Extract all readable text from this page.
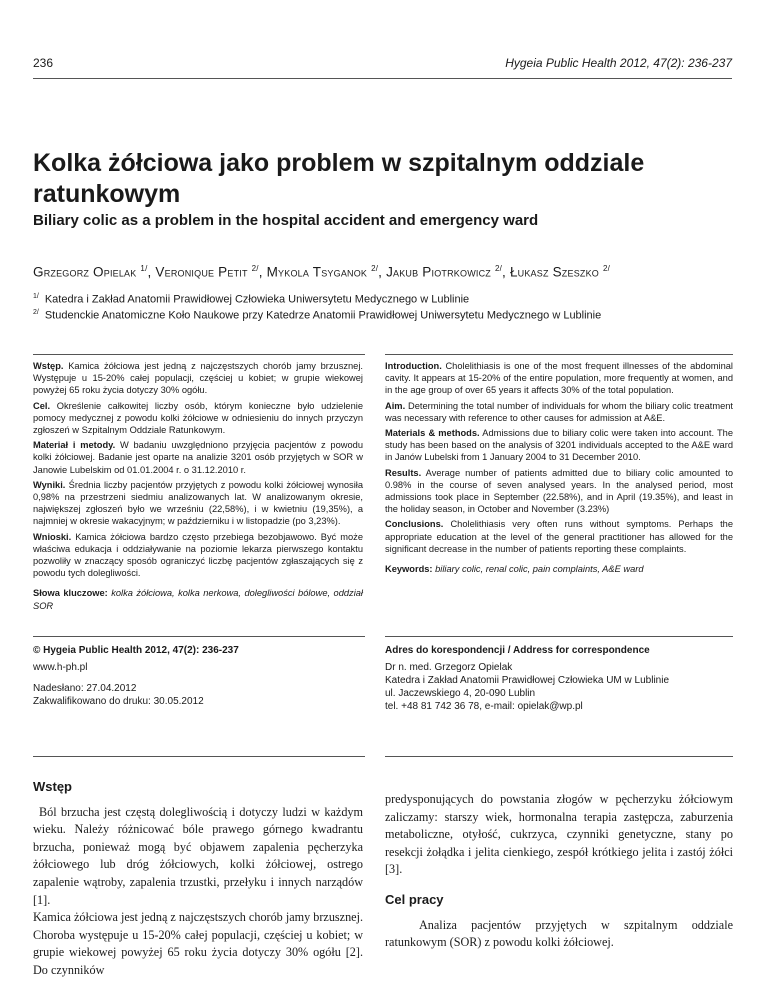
236	Hygeia Public Health 2012, 47(2): 236-237
Kolka żółciowa jako problem w szpitalnym oddziale ratunkowym
Biliary colic as a problem in the hospital accident and emergency ward
Grzegorz Opielak $^{1/}$, Veronique Petit $^{2/}$, Mykola Tsyganok $^{2/}$, Jakub Piotrkowicz $^{2/}$, Łukasz Szeszko $^{2/}$
$^{1/}$ Katedra i Zakład Anatomii Prawidłowej Człowieka Uniwersytetu Medycznego w Lublinie
$^{2/}$ Studenckie Anatomiczne Koło Naukowe przy Katedrze Anatomii Prawidłowej Uniwersytetu Medycznego w Lublinie

Wstęp. Kamica żółciowa jest jedną z najczęstszych chorób jamy brzusznej. Występuje u 15-20% całej populacji, częściej u kobiet; w grupie wiekowej powyżej 65 roku życia dotyczy 30% ogółu.

Cel. Określenie całkowitej liczby osób, którym konieczne było udzielenie pomocy medycznej z powodu kolki żółciowe w odniesieniu do innych przyczyn zgłoszeń w Szpitalnym Oddziale Ratunkowym.

Materiał i metody. W badaniu uwzględniono przyjęcia pacjentów z powodu kolki żółciowej. Badanie jest oparte na analizie 3201 osób przyjętych w SOR w Janowie Lubelskim od 01.01.2004 r. o 31.12.2010 r.

Wyniki. Średnia liczby pacjentów przyjętych z powodu kolki żółciowej wynosiła 0,98% na przestrzeni siedmiu analizowanych lat. W analizowanym okresie, największej zgłoszeń było we wrześniu (22,58%), i w kwietniu (19,35%), a najmniej w okresie wakacyjnym; w październiku i w listopadzie (po 3,23%).

Wnioski. Kamica żółciowa bardzo często przebiega bezobjawowo. Być może właściwa edukacja i oddziaływanie na poziomie lekarza pierwszego kontaktu pozwoliły w znaczący sposób ograniczyć liczbę pacjentów zgłaszających się z powodu tych dolegliwości.

Słowa kluczowe: kolka żółciowa, kolka nerkowa, dolegliwości bólowe, oddział SOR

Introduction. Cholelithiasis is one of the most frequent illnesses of the abdominal cavity. It appears at 15-20% of the entire population, more frequently at women, and in the age group of over 65 years it affects 30% of the total population.

Aim. Determining the total number of individuals for whom the biliary colic treatment was necessary with reference to other causes for admission at A&E.

Materials & methods. Admissions due to biliary colic were taken into account. The study has been based on the analysis of 3201 individuals accepted to the A&E ward in Janów Lubelski from 1 January 2004 to 31 December 2010.

Results. Average number of patients admitted due to biliary colic amounted to 0.98% in the course of seven analysed years. In the analysed period, most admissions took place in September (22.58%), and in April (19.35%), and least in the holiday season, in October and November (3.23%)

Conclusions. Cholelithiasis very often runs without symptoms. Perhaps the appropriate education at the level of the general practitioner has allowed for the significant decrease in the number of patients reporting these complaints.

Keywords: biliary colic, renal colic, pain complaints, A&E ward

© Hygeia Public Health 2012, 47(2): 236-237

www.h-ph.pl

Nadesłano: 27.04.2012

Zakwalifikowano do druku: 30.05.2012

Adres do korespondencji / Address for correspondence

Dr n. med. Grzegorz Opielak
Katedra i Zakład Anatomii Prawidłowej Człowieka UM w Lublinie
ul. Jaczewskiego 4, 20-090 Lublin
tel. +48 81 742 36 78, e-mail: opielak@wp.pl

Wstęp

Ból brzucha jest częstą dolegliwością i dotyczy ludzi w każdym wieku. Należy różnicować bóle prawego górnego kwadrantu brzucha, ponieważ mogą być objawem zapalenia pęcherzyka żółciowego lub dróg żółciowych, kolki żółciowej, ostrego zapalenie wątroby, zapalenia trzustki, przełyku i innych narządów [1].

Kamica żółciowa jest jedną z najczęstszych chorób jamy brzusznej. Choroba występuje u 15-20% całej populacji, częściej u kobiet; w grupie wiekowej powyżej 65 roku życia dotyczy 30% ogółu [2]. Do czynników

predysponujących do powstania złogów w pęcherzyku żółciowym zaliczamy: starszy wiek, hormonalna terapia zastępcza, zaburzenia metaboliczne, otyłość, cukrzyca, czynniki genetyczne, stany po resekcji żołądka i jelita cienkiego, zespół krótkiego jelita i zastój żółci [3].

Cel pracy

Analiza pacjentów przyjętych w szpitalnym oddziale ratunkowym (SOR) z powodu kolki żółciowej.
